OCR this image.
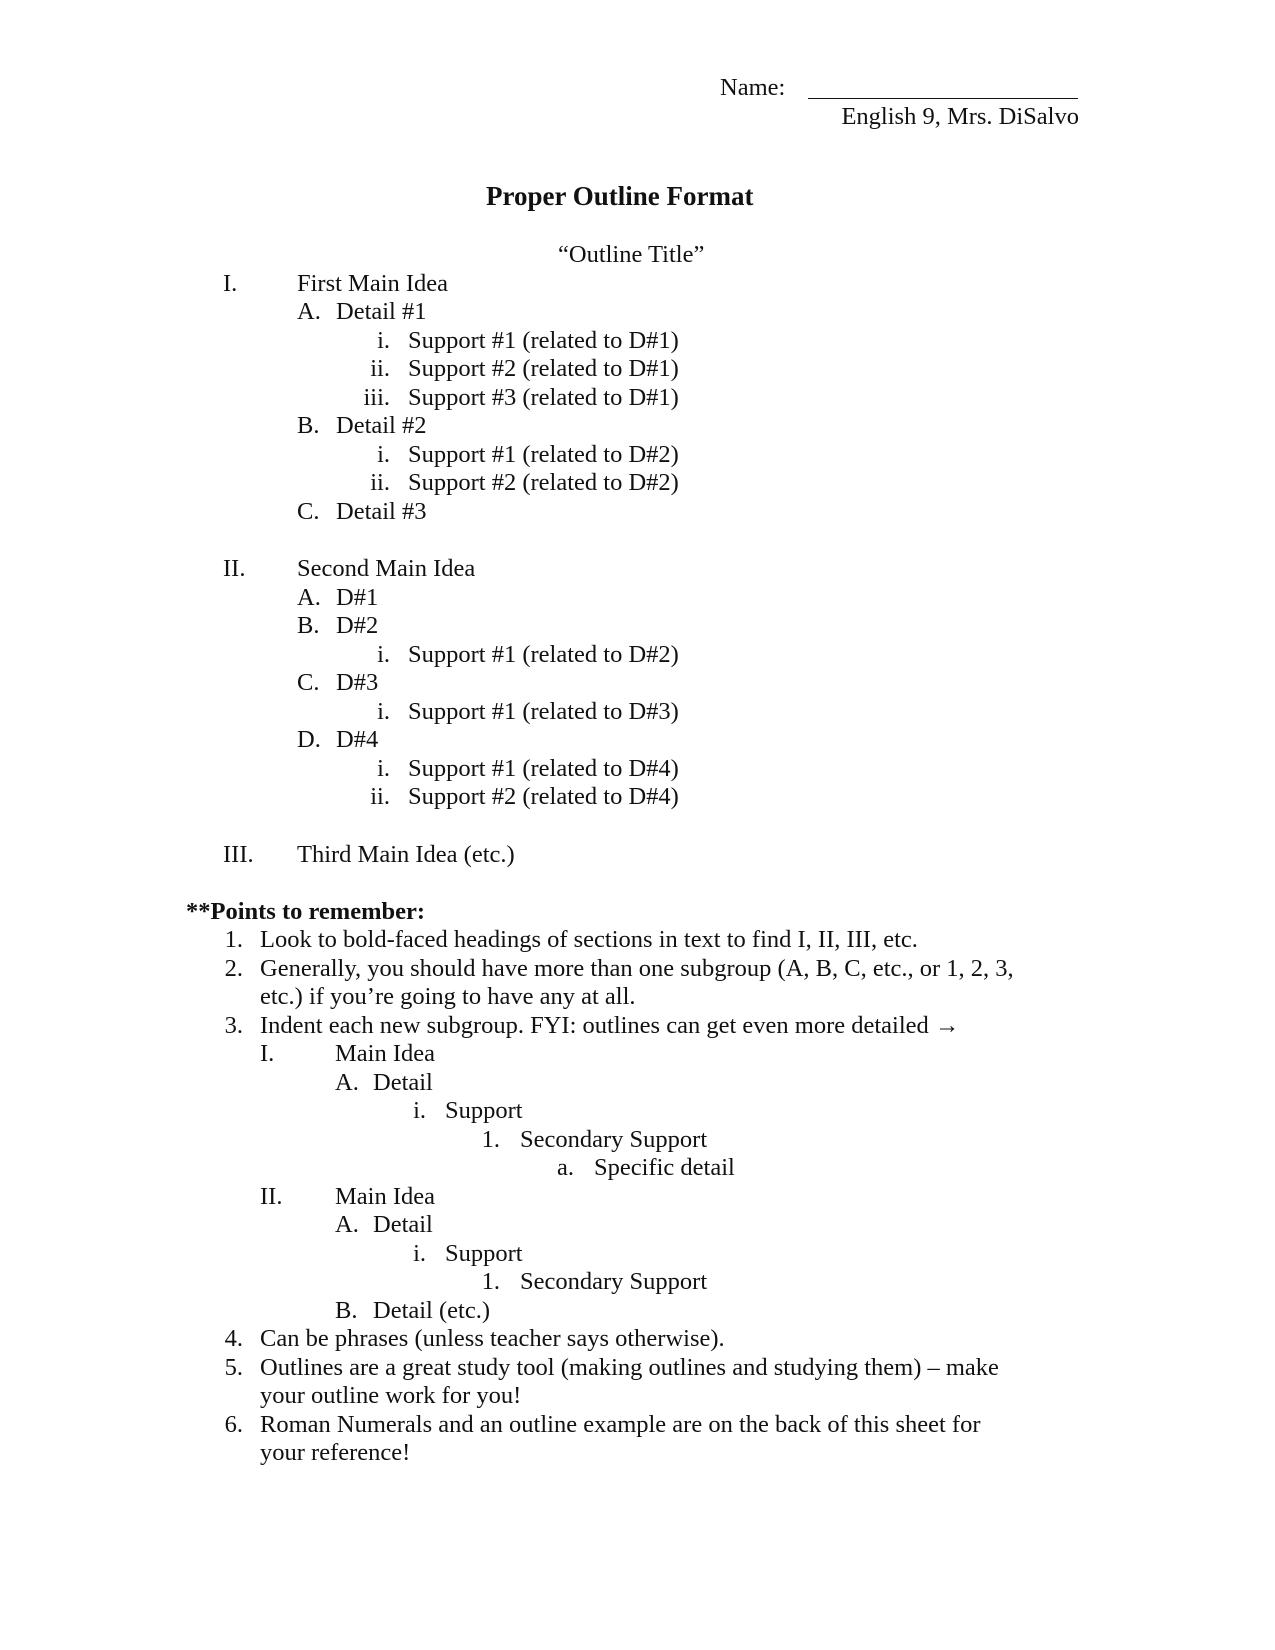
Name:
English 9, Mrs. DiSalvo
Proper Outline Format
“Outline Title”
I. First Main Idea
A. Detail #1
i. Support #1 (related to D#1)
ii. Support #2 (related to D#1)
iii. Support #3 (related to D#1)
B. Detail #2
i. Support #1 (related to D#2)
ii. Support #2 (related to D#2)
C. Detail #3
II. Second Main Idea
A. D#1
B. D#2
i. Support #1 (related to D#2)
C. D#3
i. Support #1 (related to D#3)
D. D#4
i. Support #1 (related to D#4)
ii. Support #2 (related to D#4)
III. Third Main Idea (etc.)
**Points to remember:
1. Look to bold-faced headings of sections in text to find I, II, III, etc.
2. Generally, you should have more than one subgroup (A, B, C, etc., or 1, 2, 3,
etc.) if you’re going to have any at all.
3. Indent each new subgroup. FYI: outlines can get even more detailed →
I. Main Idea
A. Detail
i. Support
1. Secondary Support
a. Specific detail
II. Main Idea
A. Detail
i. Support
1. Secondary Support
B. Detail (etc.)
4. Can be phrases (unless teacher says otherwise).
5. Outlines are a great study tool (making outlines and studying them) – make
your outline work for you!
6. Roman Numerals and an outline example are on the back of this sheet for
your reference!
